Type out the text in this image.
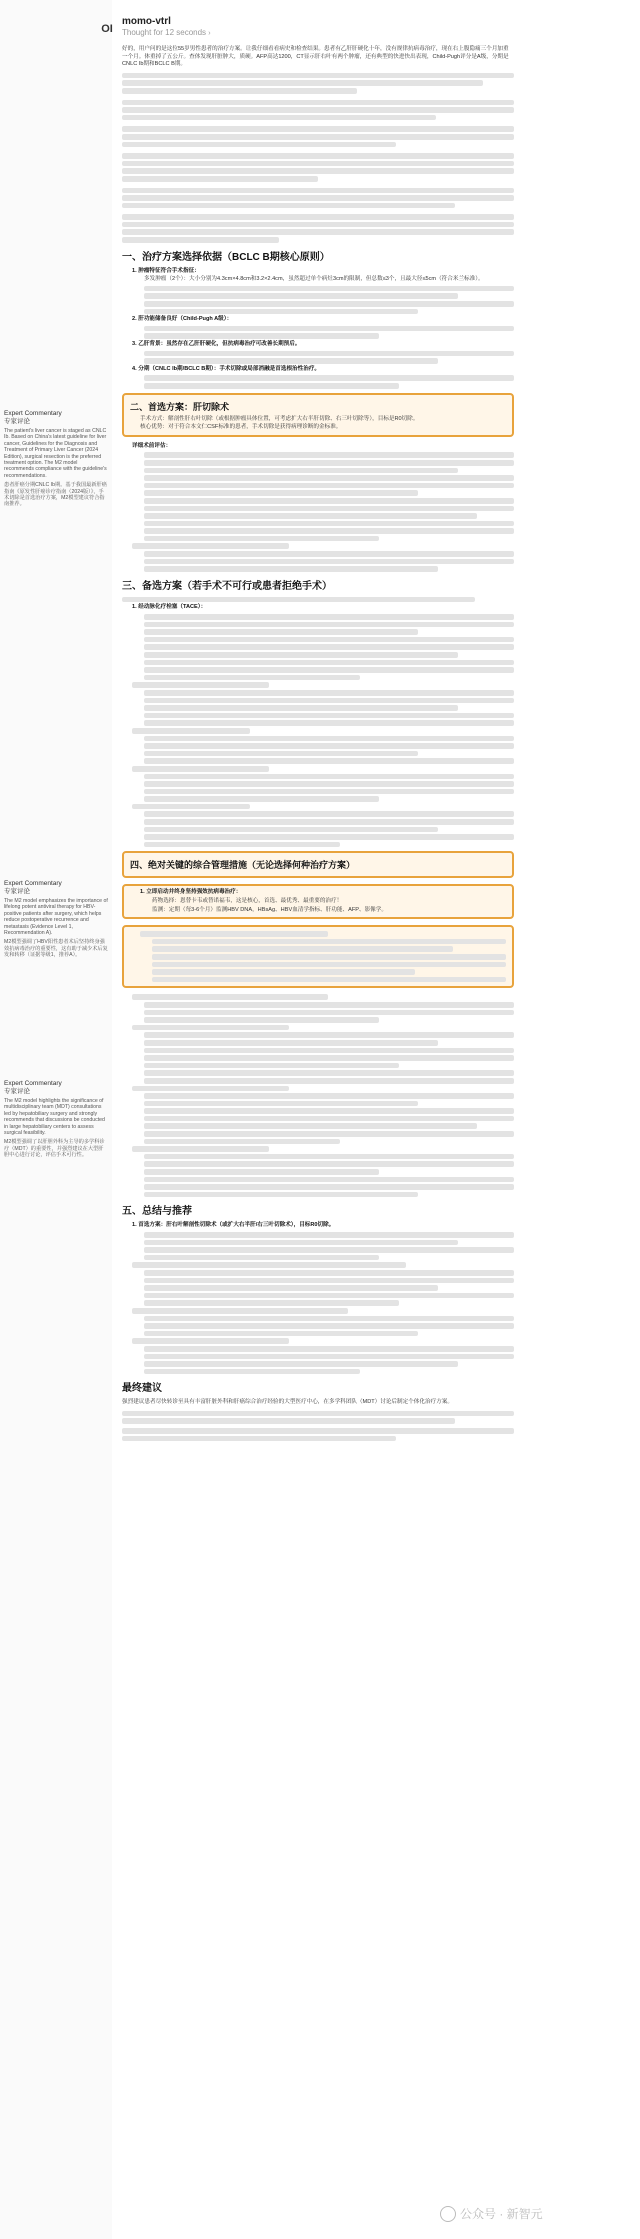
Expert Commentary
专家评论
The patient's liver cancer is staged as CNLC Ib. Based on China's latest guideline for liver cancer, Guidelines for the Diagnosis and Treatment of Primary Liver Cancer (2024 Edition), surgical resection is the preferred treatment option. The M2 model recommends compliance with the guideline's recommendations.
患者肝癌分期CNLC Ib期。基于我国最新肝癌指南《原发性肝癌诊疗指南（2024版）》，手术切除是首选治疗方案，M2模型建议符合指南推荐。
Expert Commentary
专家评论
The M2 model emphasizes the importance of lifelong potent antiviral therapy for HBV-positive patients after surgery, which helps reduce postoperative recurrence and metastasis (Evidence Level 1, Recommendation A).
M2模型强调了HBV阳性患者术后坚持终身强效抗病毒治疗的重要性，这有助于减少术后复发和转移（证据等级1，推荐A）。
Expert Commentary
专家评论
The M2 model highlights the significance of multidisciplinary team (MDT) consultations led by hepatobiliary surgery and strongly recommends that discussions be conducted in large hepatobiliary centers to assess surgical feasibility.
M2模型强调了以肝胆外科为主导的多学科诊疗（MDT）的重要性，并强烈建议在大型肝胆中心进行讨论，评估手术可行性。
OI
momo-vtrl
Thought for 12 seconds ›

好的，用户问的是这位55岁男性患者的治疗方案。让我仔细看看病史和检查结果。患者有乙肝肝硬化十年，没有规律抗病毒治疗，现在右上腹隐痛三个月加重一个月。体重掉了五公斤。查体发现肝脏肿大，质硬。AFP高达1200，CT显示肝右叶有两个肿瘤，还有典型的快进快出表现，Child-Pugh评分是A级，分期是CNLC Ib期和BCLC B期。

一、治疗方案选择依据（BCLC B期核心原则）
1. 肿瘤特征符合手术指征：
多发肿瘤（2个）：大小分别为4.3cm×4.8cm和3.2×2.4cm，虽然超过单个病灶3cm的限制，但总数≤3个，且最大径≤5cm（符合米兰标准）。
2. 肝功能储备良好（Child-Pugh A级）：
3. 乙肝背景：虽然存在乙肝肝硬化，但抗病毒治疗可改善长期预后。
4. 分期（CNLC Ib期/BCLC B期）：手术切除或局部消融是首选根治性治疗。
二、首选方案：肝切除术
手术方式：解剖性肝右叶切除（或根据肿瘤具体位置，可考虑扩大右半肝切除、右三叶切除等），目标是R0切除。
核心优势：对于符合本文仁CSF标准的患者，手术切除是获得病理诊断的金标准。
详细术前评估：
三、备选方案（若手术不可行或患者拒绝手术）
1. 经动脉化疗栓塞（TACE）：
四、绝对关键的综合管理措施（无论选择何种治疗方案）
1. 立即启动并终身坚持强效抗病毒治疗：
药物选择：恩替卡韦或替诺福韦，这是核心，首选、最优秀、最重要的治疗！
监测：定期（每3-6个月）监测HBV DNA，HBsAg、HBV血清学指标、肝功能、AFP、影像学。
五、总结与推荐
1. 首选方案：肝右叶解剖性切除术（或扩大右半肝/右三叶切除术），目标R0切除。
最终建议

强烈建议患者尽快转诊至具有丰富肝脏外科和肝癌综合治疗经验的大型医疗中心，在多学科团队（MDT）讨论后制定个体化治疗方案。

公众号 · 新智元
